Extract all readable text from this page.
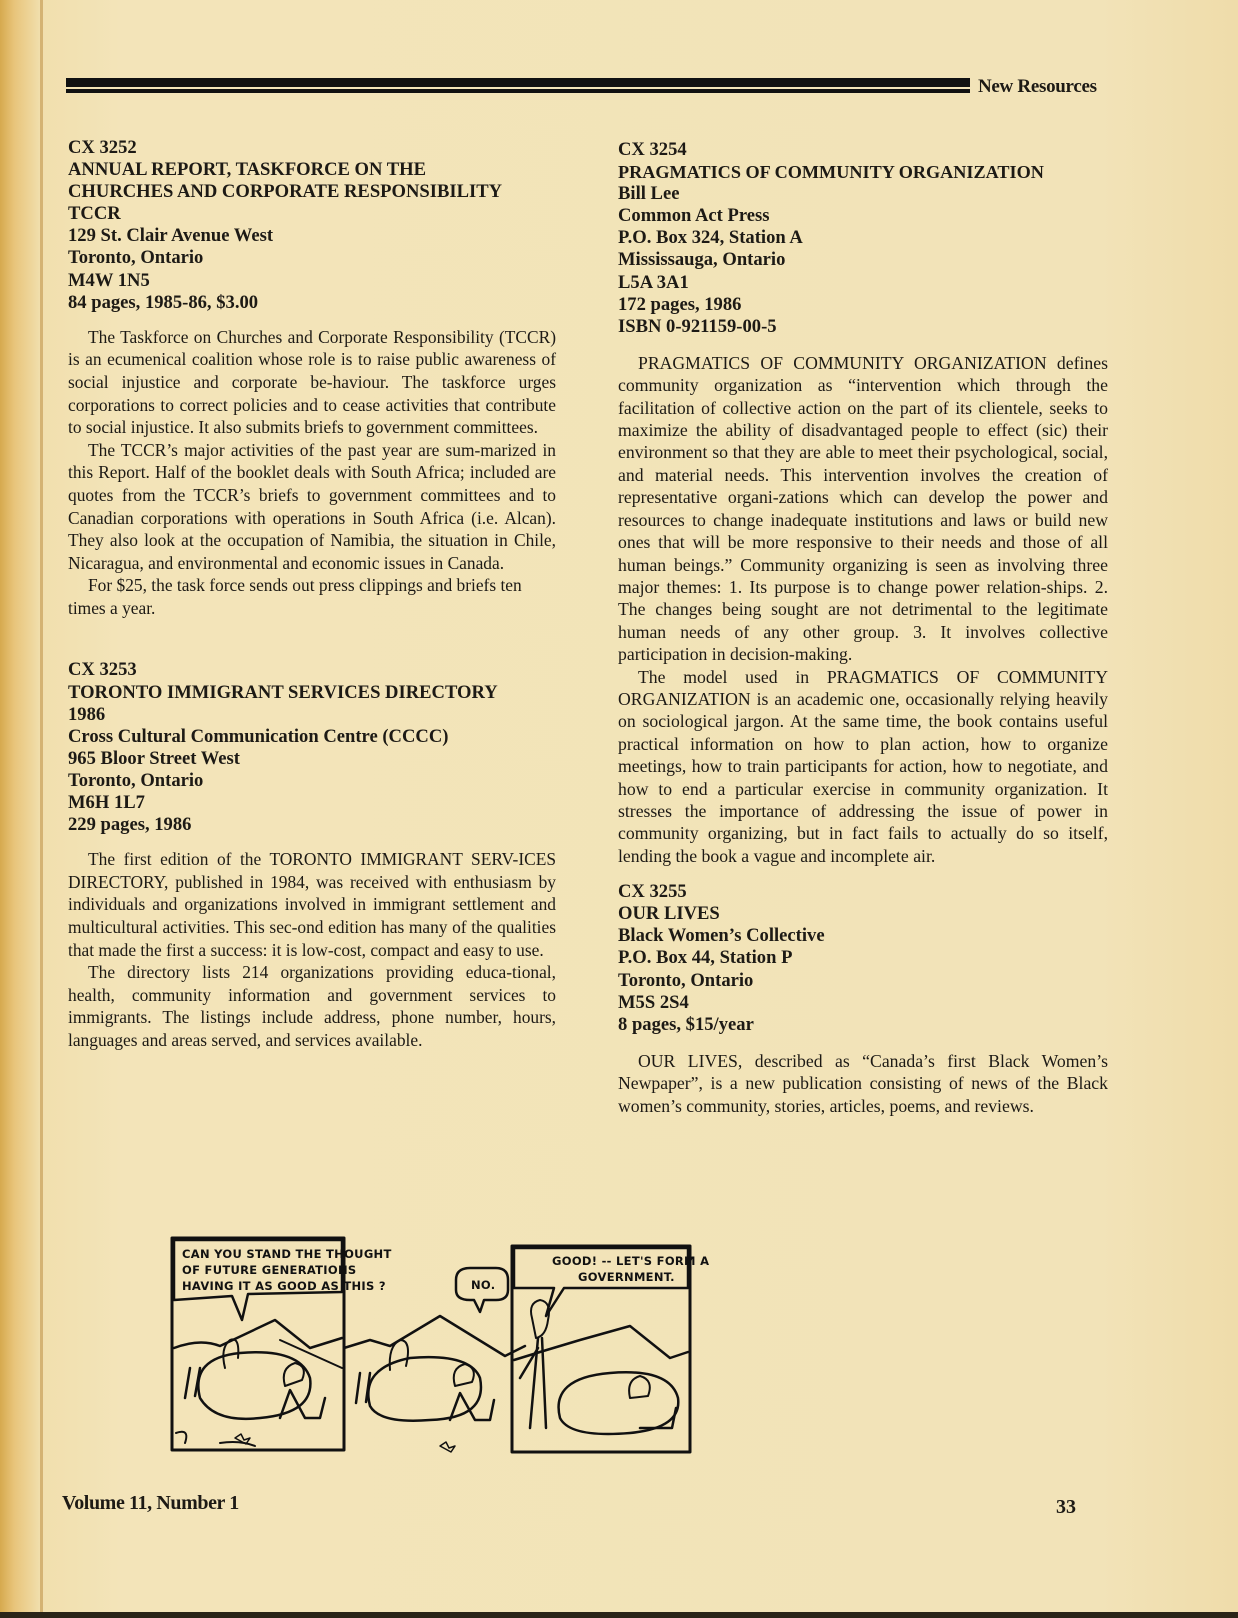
New Resources
CX 3252
ANNUAL REPORT, TASKFORCE ON THE
CHURCHES AND CORPORATE RESPONSIBILITY
TCCR
129 St. Clair Avenue West
Toronto, Ontario
M4W 1N5
84 pages, 1985-86, $3.00

The Taskforce on Churches and Corporate Responsibility (TCCR) is an ecumenical coalition whose role is to raise public awareness of social injustice and corporate be-haviour. The taskforce urges corporations to correct policies and to cease activities that contribute to social injustice. It also submits briefs to government committees.

The TCCR’s major activities of the past year are sum-marized in this Report. Half of the booklet deals with South Africa; included are quotes from the TCCR’s briefs to government committees and to Canadian corporations with operations in South Africa (i.e. Alcan). They also look at the occupation of Namibia, the situation in Chile, Nicaragua, and environmental and economic issues in Canada.

For $25, the task force sends out press clippings and briefs ten times a year.

CX 3253
TORONTO IMMIGRANT SERVICES DIRECTORY
1986
Cross Cultural Communication Centre (CCCC)
965 Bloor Street West
Toronto, Ontario
M6H 1L7
229 pages, 1986

The first edition of the TORONTO IMMIGRANT SERV-ICES DIRECTORY, published in 1984, was received with enthusiasm by individuals and organizations involved in immigrant settlement and multicultural activities. This sec-ond edition has many of the qualities that made the first a success: it is low-cost, compact and easy to use.

The directory lists 214 organizations providing educa-tional, health, community information and government services to immigrants. The listings include address, phone number, hours, languages and areas served, and services available.

CX 3254
PRAGMATICS OF COMMUNITY ORGANIZATION
Bill Lee
Common Act Press
P.O. Box 324, Station A
Mississauga, Ontario
L5A 3A1
172 pages, 1986
ISBN 0-921159-00-5

PRAGMATICS OF COMMUNITY ORGANIZATION defines community organization as “intervention which through the facilitation of collective action on the part of its clientele, seeks to maximize the ability of disadvantaged people to effect (sic) their environment so that they are able to meet their psychological, social, and material needs. This intervention involves the creation of representative organi-zations which can develop the power and resources to change inadequate institutions and laws or build new ones that will be more responsive to their needs and those of all human beings.” Community organizing is seen as involving three major themes: 1. Its purpose is to change power relation-ships. 2. The changes being sought are not detrimental to the legitimate human needs of any other group. 3. It involves collective participation in decision-making.

The model used in PRAGMATICS OF COMMUNITY ORGANIZATION is an academic one, occasionally relying heavily on sociological jargon. At the same time, the book contains useful practical information on how to plan action, how to organize meetings, how to train participants for action, how to negotiate, and how to end a particular exercise in community organization. It stresses the importance of addressing the issue of power in community organizing, but in fact fails to actually do so itself, lending the book a vague and incomplete air.

CX 3255
OUR LIVES
Black Women’s Collective
P.O. Box 44, Station P
Toronto, Ontario
M5S 2S4
8 pages, $15/year

OUR LIVES, described as “Canada’s first Black Women’s Newpaper”, is a new publication consisting of news of the Black women’s community, stories, articles, poems, and reviews.

CAN YOU STAND THE THOUGHT
OF FUTURE GENERATIONS
HAVING IT AS GOOD AS THIS ?	NO.
GOOD! -- LET'S FORM A
GOVERNMENT.
Volume 11, Number 1	33
